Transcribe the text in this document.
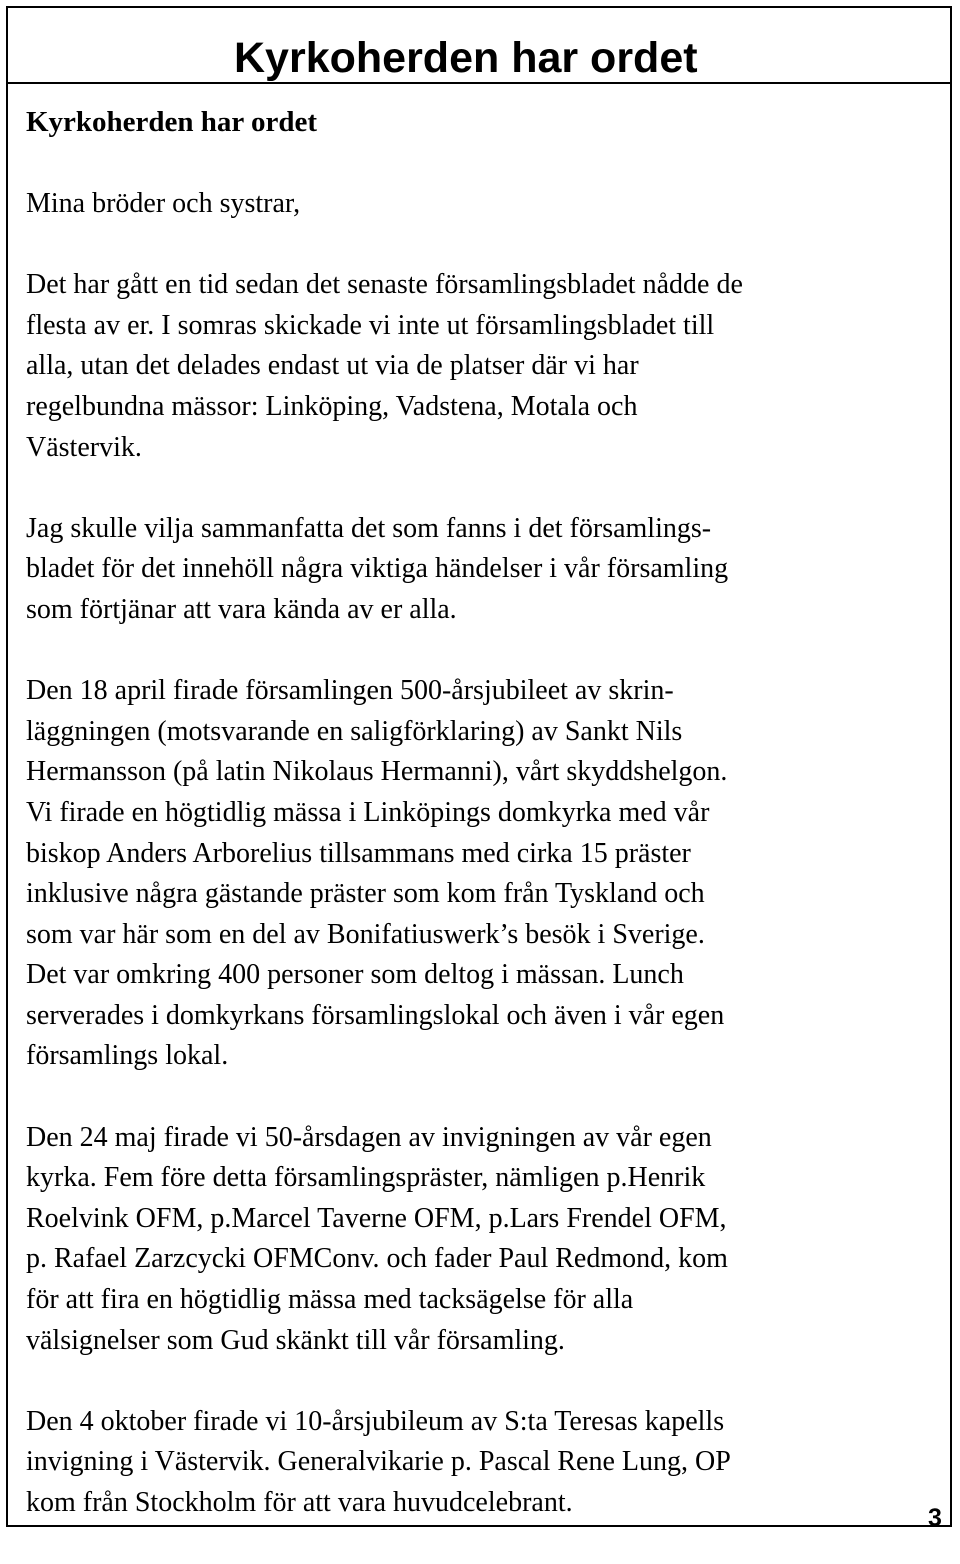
Kyrkoherden har ordet
Kyrkoherden har ordet

Mina bröder och systrar,

Det har gått en tid sedan det senaste församlingsbladet nådde de
flesta av er. I somras skickade vi inte ut församlingsbladet till
alla, utan det delades endast ut via de platser där vi har
regelbundna mässor: Linköping, Vadstena, Motala och
Västervik.

Jag skulle vilja sammanfatta det som fanns i det församlings-
bladet för det innehöll några viktiga händelser i vår församling
som förtjänar att vara kända av er alla.

Den 18 april firade församlingen 500-årsjubileet av skrin-
läggningen (motsvarande en saligförklaring) av Sankt Nils
Hermansson (på latin Nikolaus Hermanni), vårt skyddshelgon.
Vi firade en högtidlig mässa i Linköpings domkyrka med vår
biskop Anders Arborelius tillsammans med cirka 15 präster
inklusive några gästande präster som kom från Tyskland och
som var här som en del av Bonifatiuswerk’s besök i Sverige.
Det var omkring 400 personer som deltog i mässan. Lunch
serverades i domkyrkans församlingslokal och även i vår egen
församlings lokal.

Den 24 maj firade vi 50-årsdagen av invigningen av vår egen
kyrka. Fem före detta församlingspräster, nämligen p.Henrik
Roelvink OFM, p.Marcel Taverne OFM, p.Lars Frendel OFM,
p. Rafael Zarzcycki OFMConv. och fader Paul Redmond, kom
för att fira en högtidlig mässa med tacksägelse för alla
välsignelser som Gud skänkt till vår församling.

Den 4 oktober firade vi 10-årsjubileum av S:ta Teresas kapells
invigning i Västervik. Generalvikarie p. Pascal Rene Lung, OP
kom från Stockholm för att vara huvudcelebrant.	3
